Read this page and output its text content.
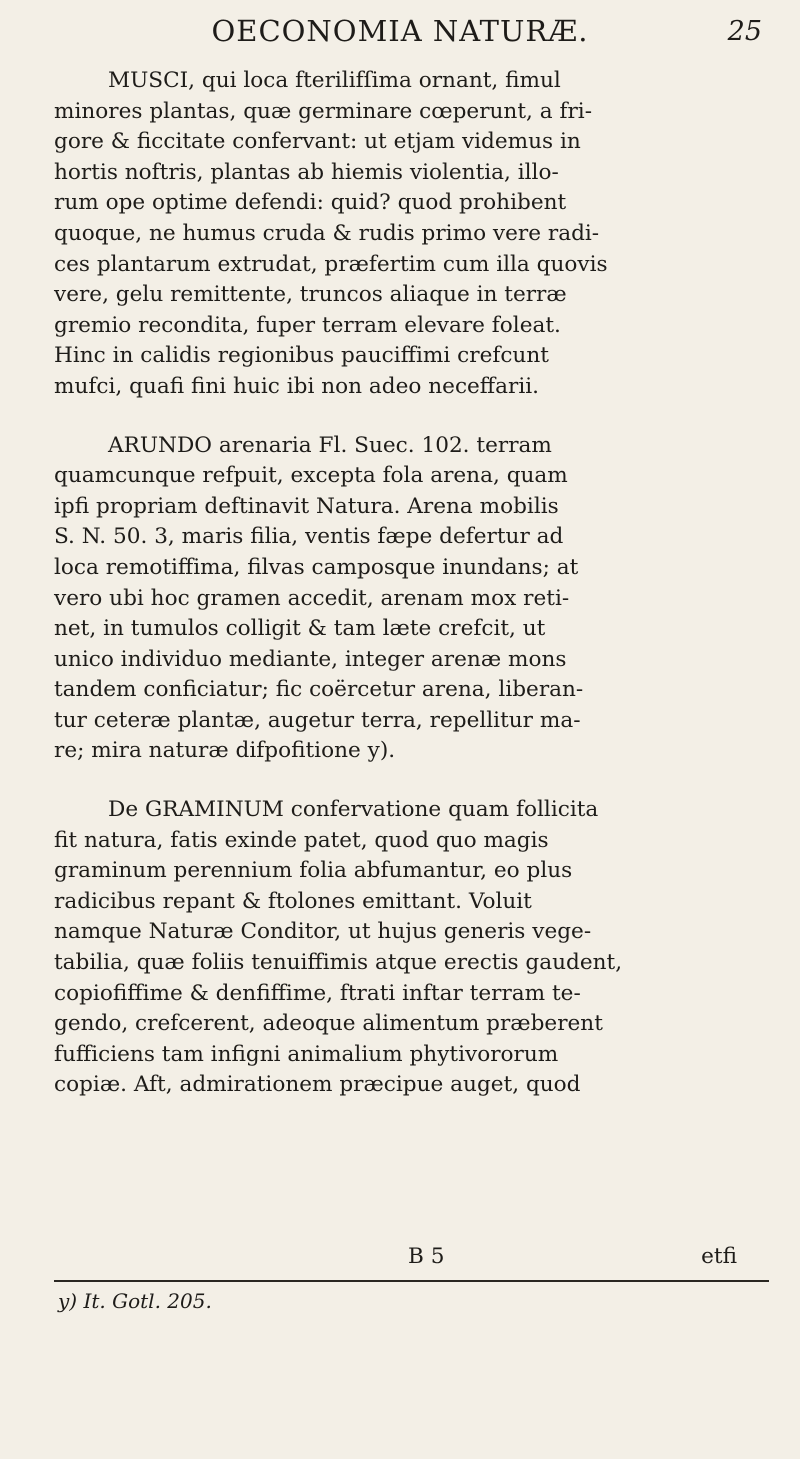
OECONOMIA NATURÆ.	25
MUSCI, qui loca fterilifſima ornant, fimul
minores plantas, quæ germinare cœperunt, a fri-
gore & ficcitate confervant: ut etjam videmus in
hortis noftris, plantas ab hiemis violentia, illo-
rum ope optime defendi: quid? quod prohibent
quoque, ne humus cruda & rudis primo vere radi-
ces plantarum extrudat, præfertim cum illa quovis
vere, gelu remittente, truncos aliaque in terræ
gremio recondita, fuper terram elevare foleat.
Hinc in calidis regionibus pauciffimi crefcunt
mufci, quafi fini huic ibi non adeo neceffarii.
ARUNDO arenaria Fl. Suec. 102. terram
quamcunque refpuit, excepta fola arena, quam
ipfi propriam deftinavit Natura. Arena mobilis
S. N. 50. 3, maris filia, ventis fæpe defertur ad
loca remotiffima, filvas camposque inundans; at
vero ubi hoc gramen accedit, arenam mox reti-
net, in tumulos colligit & tam læte crefcit, ut
unico individuo mediante, integer arenæ mons
tandem conficiatur; fic coërcetur arena, liberan-
tur ceteræ plantæ, augetur terra, repellitur ma-
re; mira naturæ difpofitione y).
De GRAMINUM confervatione quam follicita
fit natura, fatis exinde patet, quod quo magis
graminum perennium folia abfumantur, eo plus
radicibus repant & ftolones emittant. Voluit
namque Naturæ Conditor, ut hujus generis vege-
tabilia, quæ foliis tenuiffimis atque erectis gaudent,
copiofiffime & denfiffime, ftrati inftar terram te-
gendo, crefcerent, adeoque alimentum præberent
fufficiens tam infigni animalium phytivororum
copiæ. Aft, admirationem præcipue auget, quod
B 5	etfi
y) It. Gotl. 205.
